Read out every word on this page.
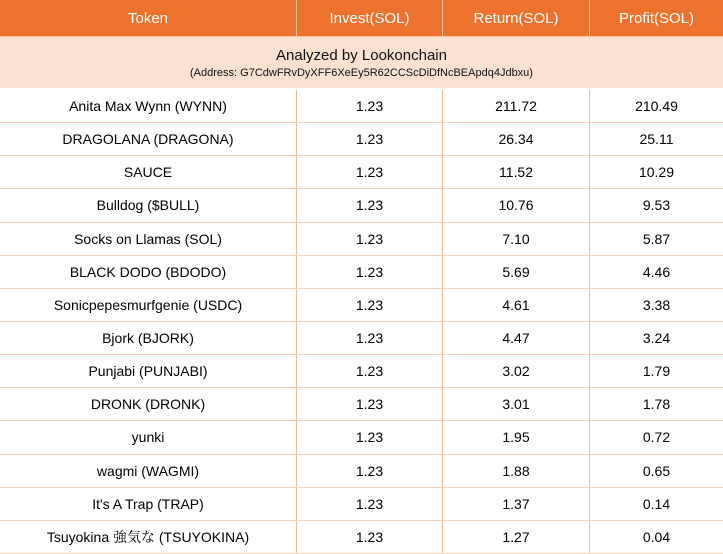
Token	Invest(SOL)	Return(SOL)	Profit(SOL)
Analyzed by Lookonchain
(Address: G7CdwFRvDyXFF6XeEy5R62CCScDiDfNcBEApdq4Jdbxu)
Anita Max Wynn (WYNN)	1.23	211.72	210.49
DRAGOLANA (DRAGONA)	1.23	26.34	25.11
SAUCE	1.23	11.52	10.29
Bulldog ($BULL)	1.23	10.76	9.53
Socks on Llamas (SOL)	1.23	7.10	5.87
BLACK DODO (BDODO)	1.23	5.69	4.46
Sonicpepesmurfgenie (USDC)	1.23	4.61	3.38
Bjork (BJORK)	1.23	4.47	3.24
Punjabi (PUNJABI)	1.23	3.02	1.79
DRONK (DRONK)	1.23	3.01	1.78
yunki	1.23	1.95	0.72
wagmi (WAGMI)	1.23	1.88	0.65
It's A Trap (TRAP)	1.23	1.37	0.14
Tsuyokina 強気な (TSUYOKINA)	1.23	1.27	0.04
